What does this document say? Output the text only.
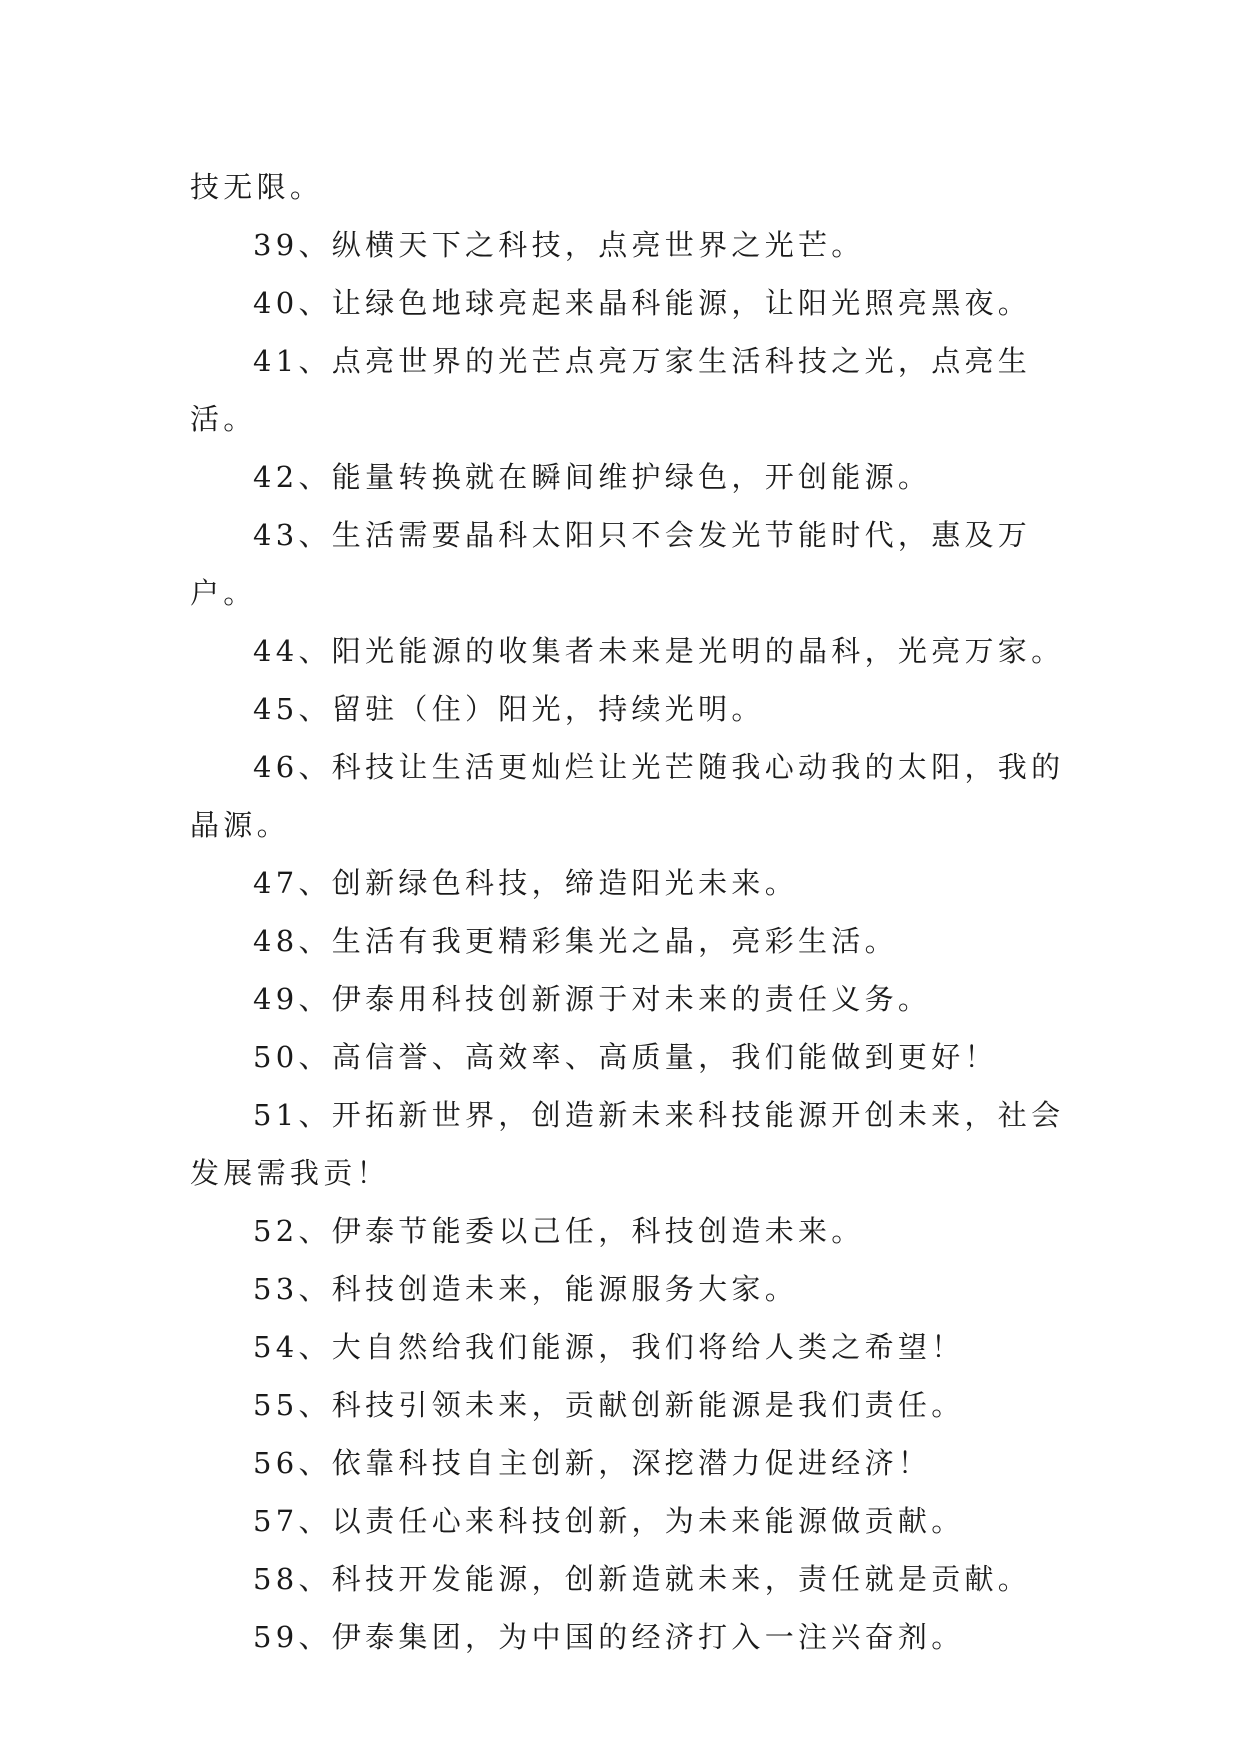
技无限。

39、纵横天下之科技，点亮世界之光芒。

40、让绿色地球亮起来晶科能源，让阳光照亮黑夜。

41、点亮世界的光芒点亮万家生活科技之光，点亮生活。

42、能量转换就在瞬间维护绿色，开创能源。

43、生活需要晶科太阳只不会发光节能时代，惠及万户。

44、阳光能源的收集者未来是光明的晶科，光亮万家。

45、留驻（住）阳光，持续光明。

46、科技让生活更灿烂让光芒随我心动我的太阳，我的晶源。

47、创新绿色科技，缔造阳光未来。

48、生活有我更精彩集光之晶，亮彩生活。

49、伊泰用科技创新源于对未来的责任义务。

50、高信誉、高效率、高质量，我们能做到更好！

51、开拓新世界，创造新未来科技能源开创未来，社会发展需我贡！

52、伊泰节能委以己任，科技创造未来。

53、科技创造未来，能源服务大家。

54、大自然给我们能源，我们将给人类之希望！

55、科技引领未来，贡献创新能源是我们责任。

56、依靠科技自主创新，深挖潜力促进经济！

57、以责任心来科技创新，为未来能源做贡献。

58、科技开发能源，创新造就未来，责任就是贡献。

59、伊泰集团，为中国的经济打入一注兴奋剂。
